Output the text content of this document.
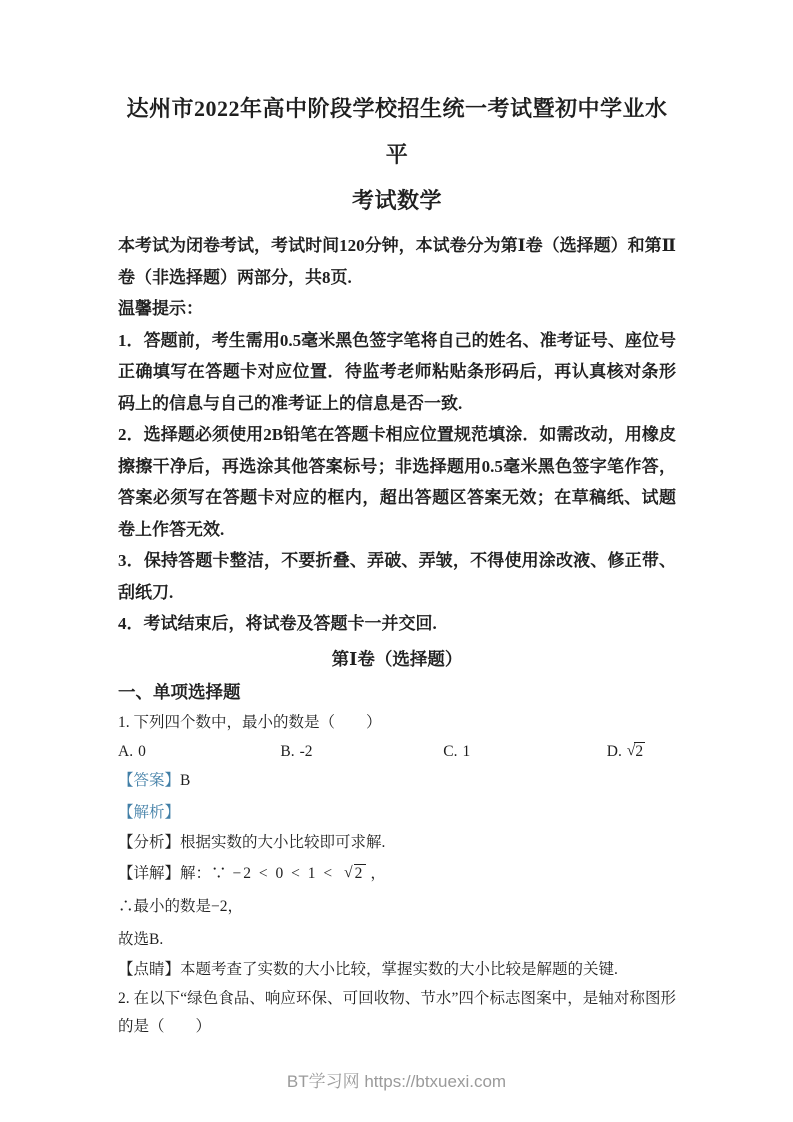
达州市2022年高中阶段学校招生统一考试暨初中学业水平
考试数学

本考试为闭卷考试，考试时间120分钟，本试卷分为第Ⅰ卷（选择题）和第Ⅱ卷（非选择题）两部分，共8页.

温馨提示：

1．答题前，考生需用0.5毫米黑色签字笔将自己的姓名、准考证号、座位号正确填写在答题卡对应位置．待监考老师粘贴条形码后，再认真核对条形码上的信息与自己的准考证上的信息是否一致.

2．选择题必须使用2B铅笔在答题卡相应位置规范填涂．如需改动，用橡皮擦擦干净后，再选涂其他答案标号；非选择题用0.5毫米黑色签字笔作答，答案必须写在答题卡对应的框内，超出答题区答案无效；在草稿纸、试题卷上作答无效.

3．保持答题卡整洁，不要折叠、弄破、弄皱，不得使用涂改液、修正带、刮纸刀.

4．考试结束后，将试卷及答题卡一并交回.

第Ⅰ卷（选择题）
一、单项选择题

1. 下列四个数中，最小的数是（　　）

A. 0	B. -2	C. 1	D. √2

【答案】B

【解析】

【分析】根据实数的大小比较即可求解.

【详解】解：∵ −2 < 0 < 1 < √2 ，

∴最小的数是−2，

故选B.

【点睛】本题考查了实数的大小比较，掌握实数的大小比较是解题的关键.

2. 在以下“绿色食品、响应环保、可回收物、节水”四个标志图案中，是轴对称图形的是（　　）

BT学习网 https://btxuexi.com
